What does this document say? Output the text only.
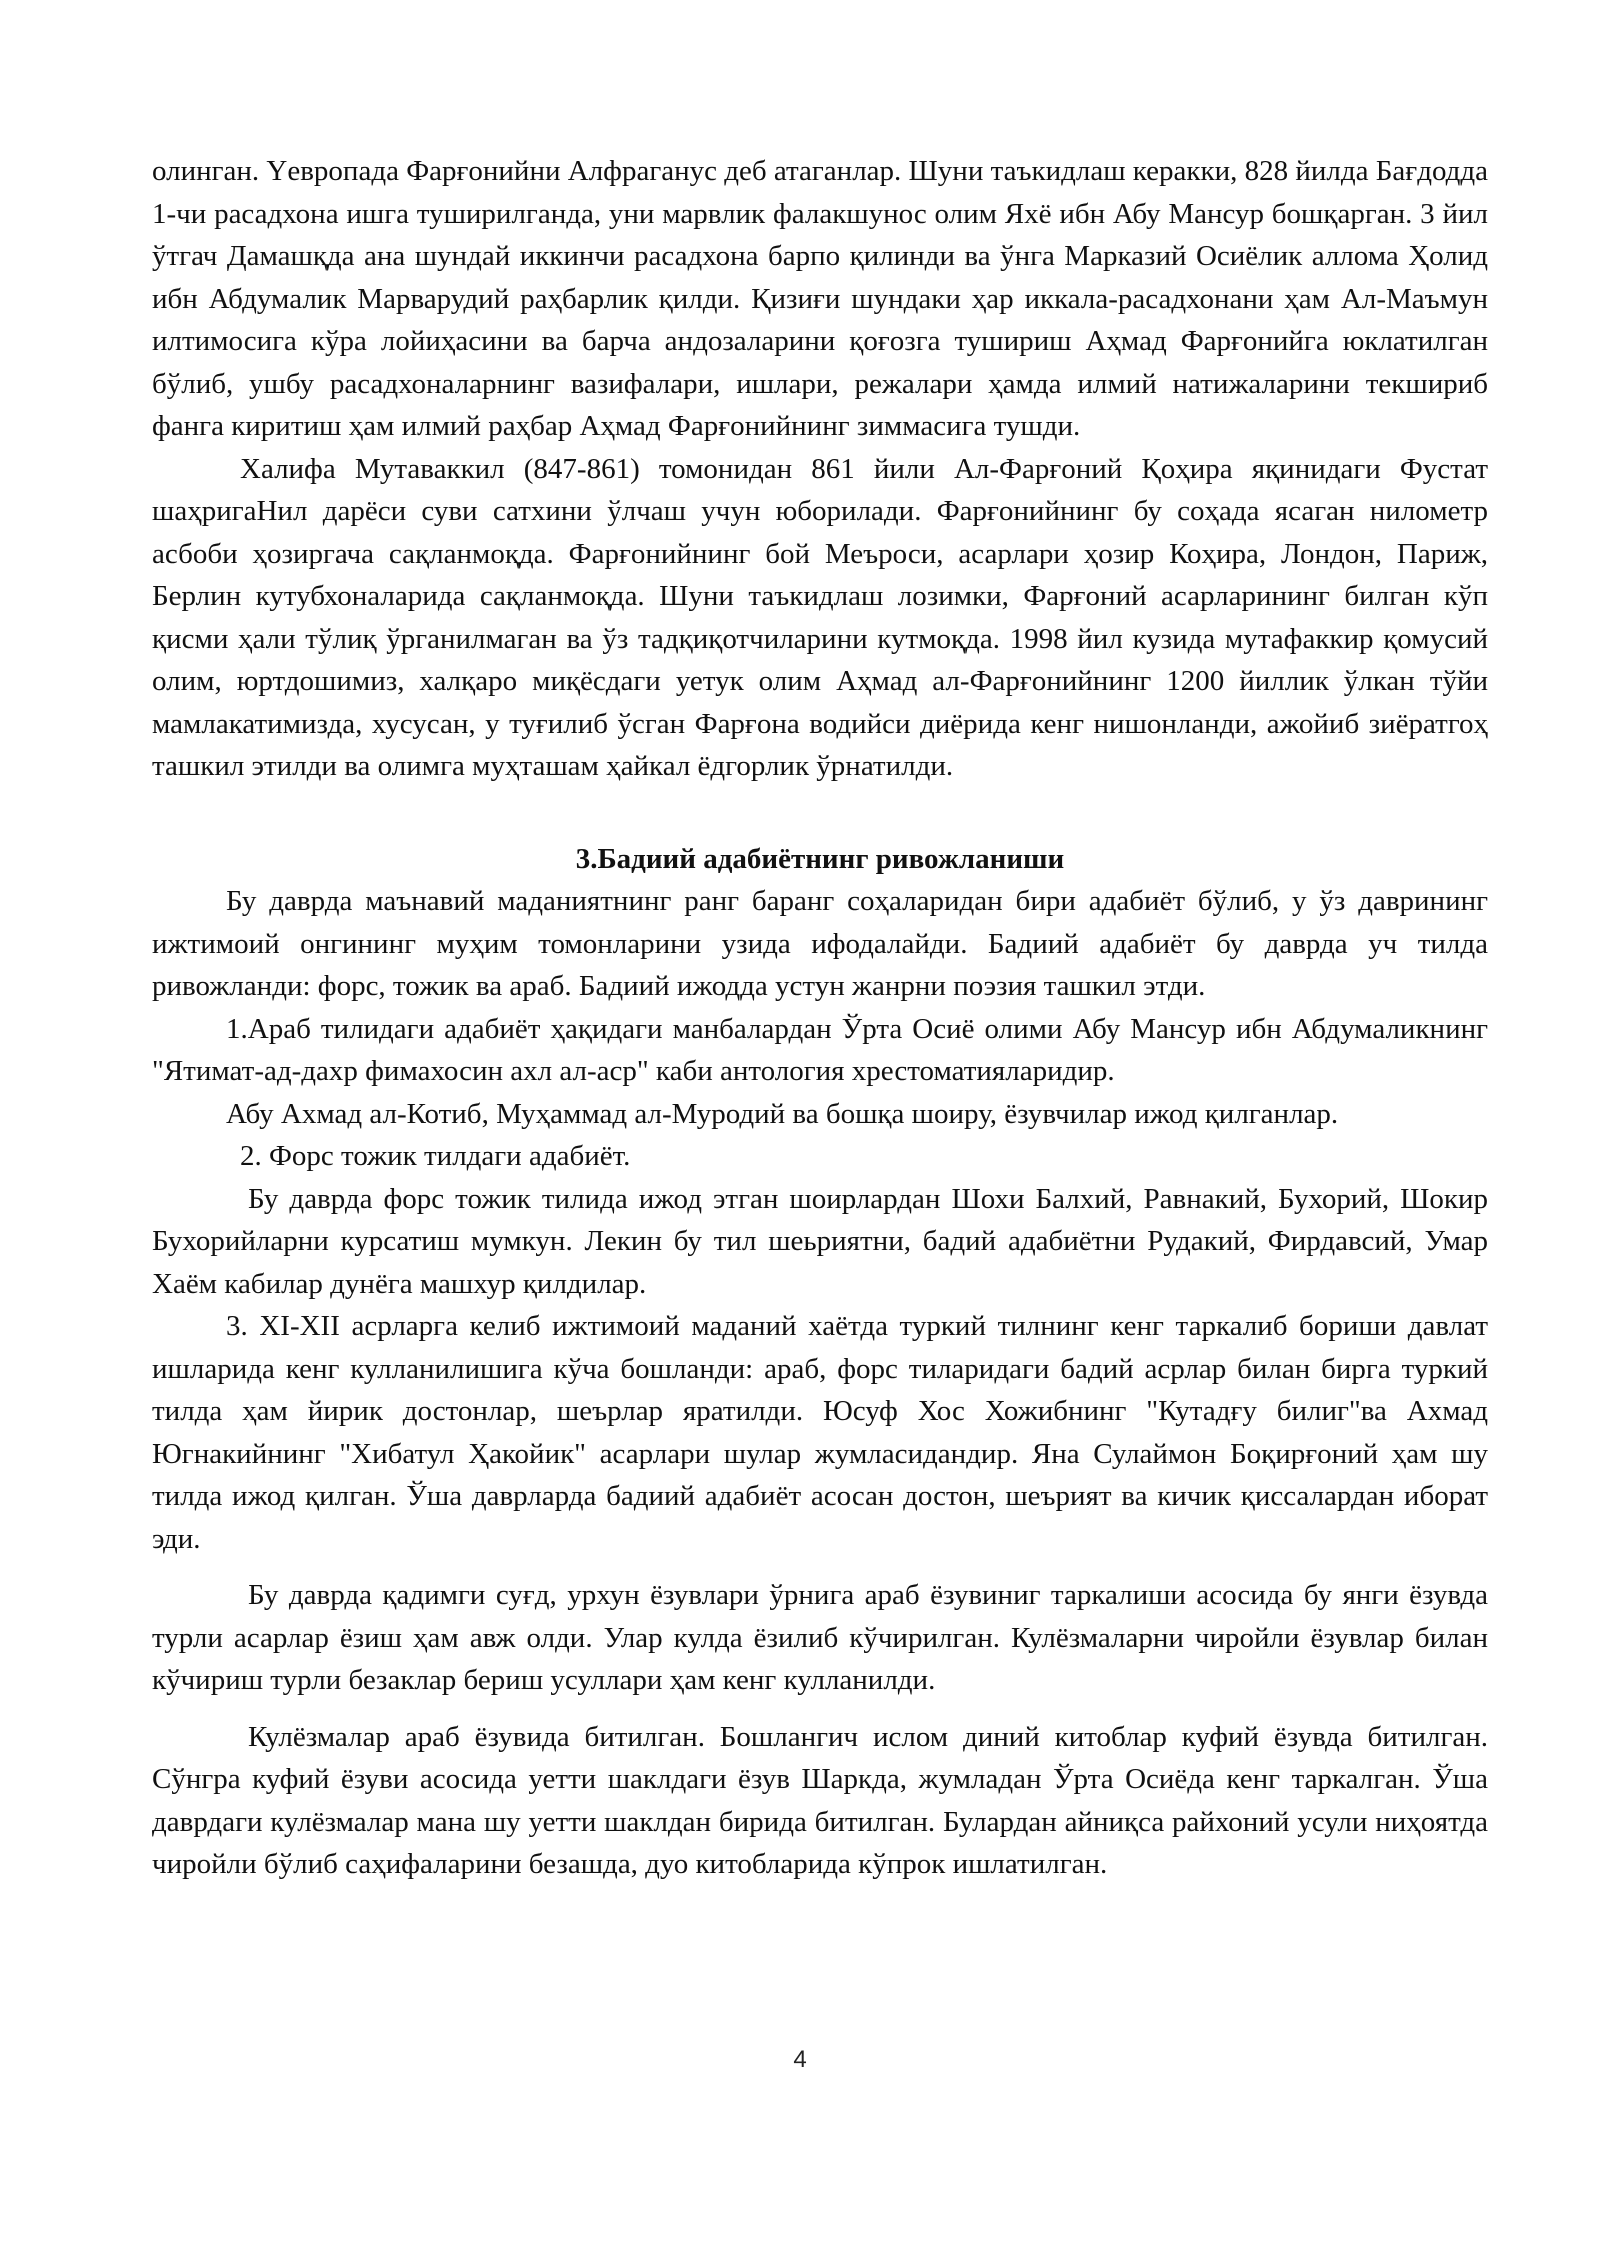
олинган. Yевропада Фарғонийни Алфраганус деб атаганлар. Шуни таъкидлаш керакки, 828 йилда Бағдодда 1-чи расадхона ишга туширилганда, уни марвлик фалакшунос олим Яхё ибн Абу Мансур бошқарган. 3 йил ўтгач Дамашқда ана шундай иккинчи расадхона барпо қилинди ва ўнга Марказий Осиёлик аллома Ҳолид ибн Абдумалик Марварудий раҳбарлик қилди. Қизиғи шундаки ҳар иккала-расадхонани ҳам Ал-Маъмун илтимосига кўра лойиҳасини ва барча андозаларини қоғозга тушириш Аҳмад Фарғонийга юклатилган бўлиб, ушбу расадхоналарнинг вазифалари, ишлари, режалари ҳамда илмий натижаларини текшириб фанга киритиш ҳам илмий раҳбар Аҳмад Фарғонийнинг зиммасига тушди.

Халифа Мутаваккил (847-861) томонидан 861 йили Ал-Фарғоний Қоҳира яқинидаги Фустат шаҳригаНил дарёси суви сатхини ўлчаш учун юборилади. Фарғонийнинг бу соҳада ясаган нилометр асбоби ҳозиргача сақланмоқда. Фарғонийнинг бой Меъроси, асарлари ҳозир Коҳира, Лондон, Париж, Берлин кутубхоналарида сақланмоқда. Шуни таъкидлаш лозимки, Фарғоний асарларининг билган кўп қисми ҳали тўлиқ ўрганилмаган ва ўз тадқиқотчиларини кутмоқда. 1998 йил кузида мутафаккир қомусий олим, юртдошимиз, халқаро миқёсдаги уетук олим Аҳмад ал-Фарғонийнинг 1200 йиллик ўлкан тўйи мамлакатимизда, хусусан, у туғилиб ўсган Фарғона водийси диёрида кенг нишонланди, ажойиб зиёратгоҳ ташкил этилди ва олимга муҳташам ҳайкал ёдгорлик ўрнатилди.

3.Бадиий адабиётнинг ривожланиши

Бу даврда маънавий маданиятнинг ранг баранг соҳаларидан бири адабиёт бўлиб, у ўз даврининг ижтимоий онгининг муҳим томонларини узида ифодалайди. Бадиий адабиёт бу даврда уч тилда ривожланди: форс, тожик ва араб. Бадиий ижодда устун жанрни поэзия ташкил этди.

1.Араб тилидаги адабиёт ҳақидаги манбалардан Ўрта Осиё олими Абу Мансур ибн Абдумаликнинг "Ятимат-ад-дахр фимахосин ахл ал-аср" каби антология хрестоматияларидир.

Абу Ахмад ал-Котиб, Муҳаммад ал-Муродий ва бошқа шоиру, ёзувчилар ижод қилганлар.

2. Форс тожик тилдаги адабиёт.

Бу даврда форс тожик тилида ижод этган шоирлардан Шохи Балхий, Равнакий, Бухорий, Шокир Бухорийларни курсатиш мумкун. Лекин бу тил шеьриятни, бадий адабиётни Рудакий, Фирдавсий, Умар Хаём кабилар дунёга машхур қилдилар.

3. XI-XII асрларга келиб ижтимоий маданий хаётда туркий тилнинг кенг таркалиб бориши давлат ишларида кенг кулланилишига кўча бошланди: араб, форс тиларидаги бадий асрлар билан бирга туркий тилда ҳам йирик достонлар, шеърлар яратилди. Юсуф Хос Хожибнинг "Кутадғу билиг"ва Ахмад Югнакийнинг "Хибатул Ҳакойик" асарлари шулар жумласидандир. Яна Сулаймон Боқирғоний ҳам шу тилда ижод қилган. Ўша даврларда бадиий адабиёт асосан достон, шеърият ва кичик қиссалардан иборат эди.

Бу даврда қадимги суғд, урхун ёзувлари ўрнига араб ёзувиниг таркалиши асосида бу янги ёзувда турли асарлар ёзиш ҳам авж олди. Улар кулда ёзилиб кўчирилган. Кулёзмаларни чиройли ёзувлар билан кўчириш турли безаклар бериш усуллари ҳам кенг кулланилди.

Кулёзмалар араб ёзувида битилган. Бошлангич ислом диний китоблар куфий ёзувда битилган. Сўнгра куфий ёзуви асосида уетти шаклдаги ёзув Шаркда, жумладан Ўрта Осиёда кенг таркалган. Ўша даврдаги кулёзмалар мана шу уетти шаклдан бирида битилган. Булардан айниқса райхоний усули ниҳоятда чиройли бўлиб саҳифаларини безашда, дуо китобларида кўпрок ишлатилган.

4
